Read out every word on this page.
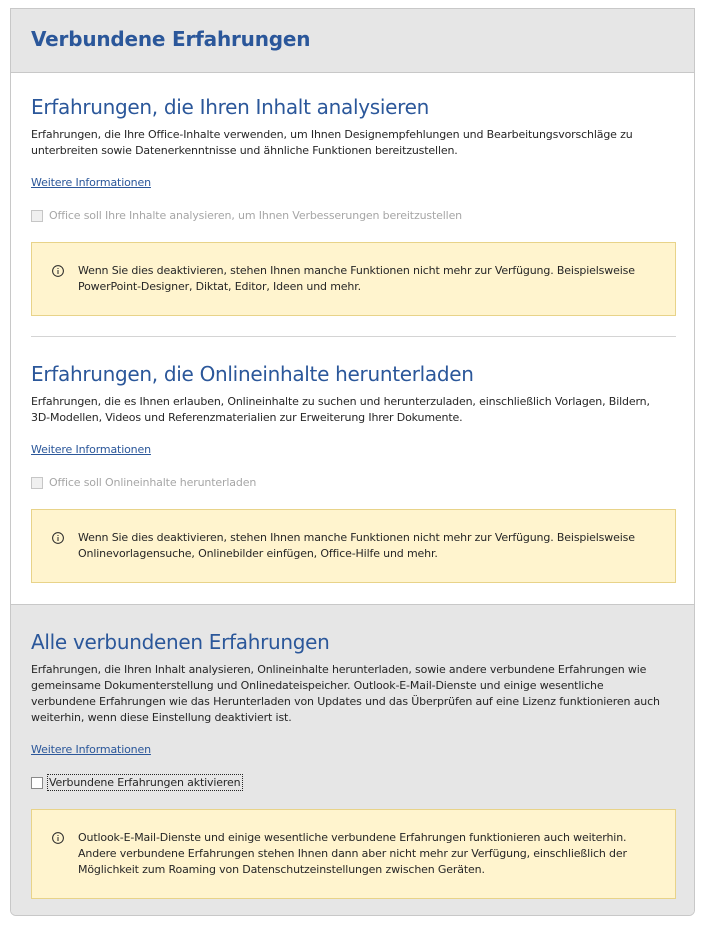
Verbundene Erfahrungen
Erfahrungen, die Ihren Inhalt analysieren

Erfahrungen, die Ihre Office-Inhalte verwenden, um Ihnen Designempfehlungen und Bearbeitungsvorschläge zu unterbreiten sowie Datenerkenntnisse und ähnliche Funktionen bereitzustellen.

Weitere Informationen
Office soll Ihre Inhalte analysieren, um Ihnen Verbesserungen bereitzustellen

Wenn Sie dies deaktivieren, stehen Ihnen manche Funktionen nicht mehr zur Verfügung. Beispielsweise PowerPoint-Designer, Diktat, Editor, Ideen und mehr.

Erfahrungen, die Onlineinhalte herunterladen

Erfahrungen, die es Ihnen erlauben, Onlineinhalte zu suchen und herunterzuladen, einschließlich Vorlagen, Bildern, 3D-Modellen, Videos und Referenzmaterialien zur Erweiterung Ihrer Dokumente.

Weitere Informationen
Office soll Onlineinhalte herunterladen

Wenn Sie dies deaktivieren, stehen Ihnen manche Funktionen nicht mehr zur Verfügung. Beispielsweise Onlinevorlagensuche, Onlinebilder einfügen, Office-Hilfe und mehr.

Alle verbundenen Erfahrungen

Erfahrungen, die Ihren Inhalt analysieren, Onlineinhalte herunterladen, sowie andere verbundene Erfahrungen wie gemeinsame Dokumenterstellung und Onlinedateispeicher. Outlook-E-Mail-Dienste und einige wesentliche verbundene Erfahrungen wie das Herunterladen von Updates und das Überprüfen auf eine Lizenz funktionieren auch weiterhin, wenn diese Einstellung deaktiviert ist.

Weitere Informationen
Verbundene Erfahrungen aktivieren

Outlook-E-Mail-Dienste und einige wesentliche verbundene Erfahrungen funktionieren auch weiterhin. Andere verbundene Erfahrungen stehen Ihnen dann aber nicht mehr zur Verfügung, einschließlich der Möglichkeit zum Roaming von Datenschutzeinstellungen zwischen Geräten.
